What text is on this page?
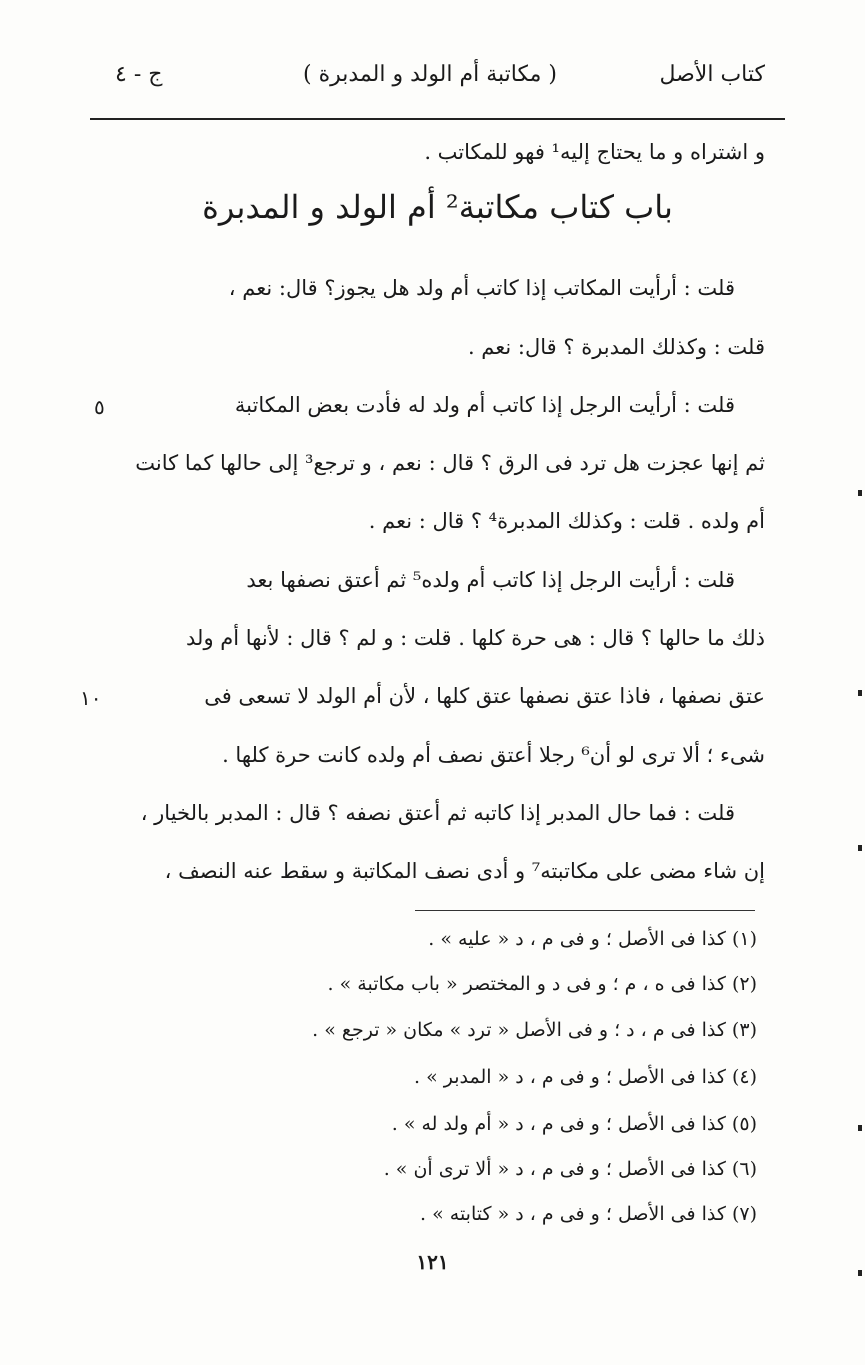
كتاب الأصل
( مكاتبة أم الولد و المدبرة )
ج - ٤
و اشتراه و ما يحتاج إليه¹ فهو للمكاتب .
باب كتاب مكاتبة² أم الولد و المدبرة
قلت : أرأيت المكاتب إذا كاتب أم ولد هل يجوز؟ قال: نعم ،
قلت : وكذلك المدبرة ؟ قال: نعم .
قلت : أرأيت الرجل إذا كاتب أم ولد له فأدت بعض المكاتبة
ثم إنها عجزت هل ترد فى الرق ؟ قال : نعم ، و ترجع³ إلى حالها كما كانت
أم ولده . قلت : وكذلك المدبرة⁴ ؟ قال : نعم .
قلت : أرأيت الرجل إذا كاتب أم ولده⁵ ثم أعتق نصفها بعد
ذلك ما حالها ؟ قال : هى حرة كلها . قلت : و لم ؟ قال : لأنها أم ولد
عتق نصفها ، فاذا عتق نصفها عتق كلها ، لأن أم الولد لا تسعى فى
شىء ؛ ألا ترى لو أن⁶ رجلا أعتق نصف أم ولده كانت حرة كلها .
قلت : فما حال المدبر إذا كاتبه ثم أعتق نصفه ؟ قال : المدبر بالخيار ،
إن شاء مضى على مكاتبته⁷ و أدى نصف المكاتبة و سقط عنه النصف ،
٥
١٠
(١) كذا فى الأصل ؛ و فى م ، د « عليه » .
(٢) كذا فى ه ، م ؛ و فى د و المختصر « باب مكاتبة » .
(٣) كذا فى م ، د ؛ و فى الأصل « ترد » مكان « ترجع » .
(٤) كذا فى الأصل ؛ و فى م ، د « المدبر » .
(٥) كذا فى الأصل ؛ و فى م ، د « أم ولد له » .
(٦) كذا فى الأصل ؛ و فى م ، د « ألا ترى أن » .
(٧) كذا فى الأصل ؛ و فى م ، د « كتابته » .
١٢١
